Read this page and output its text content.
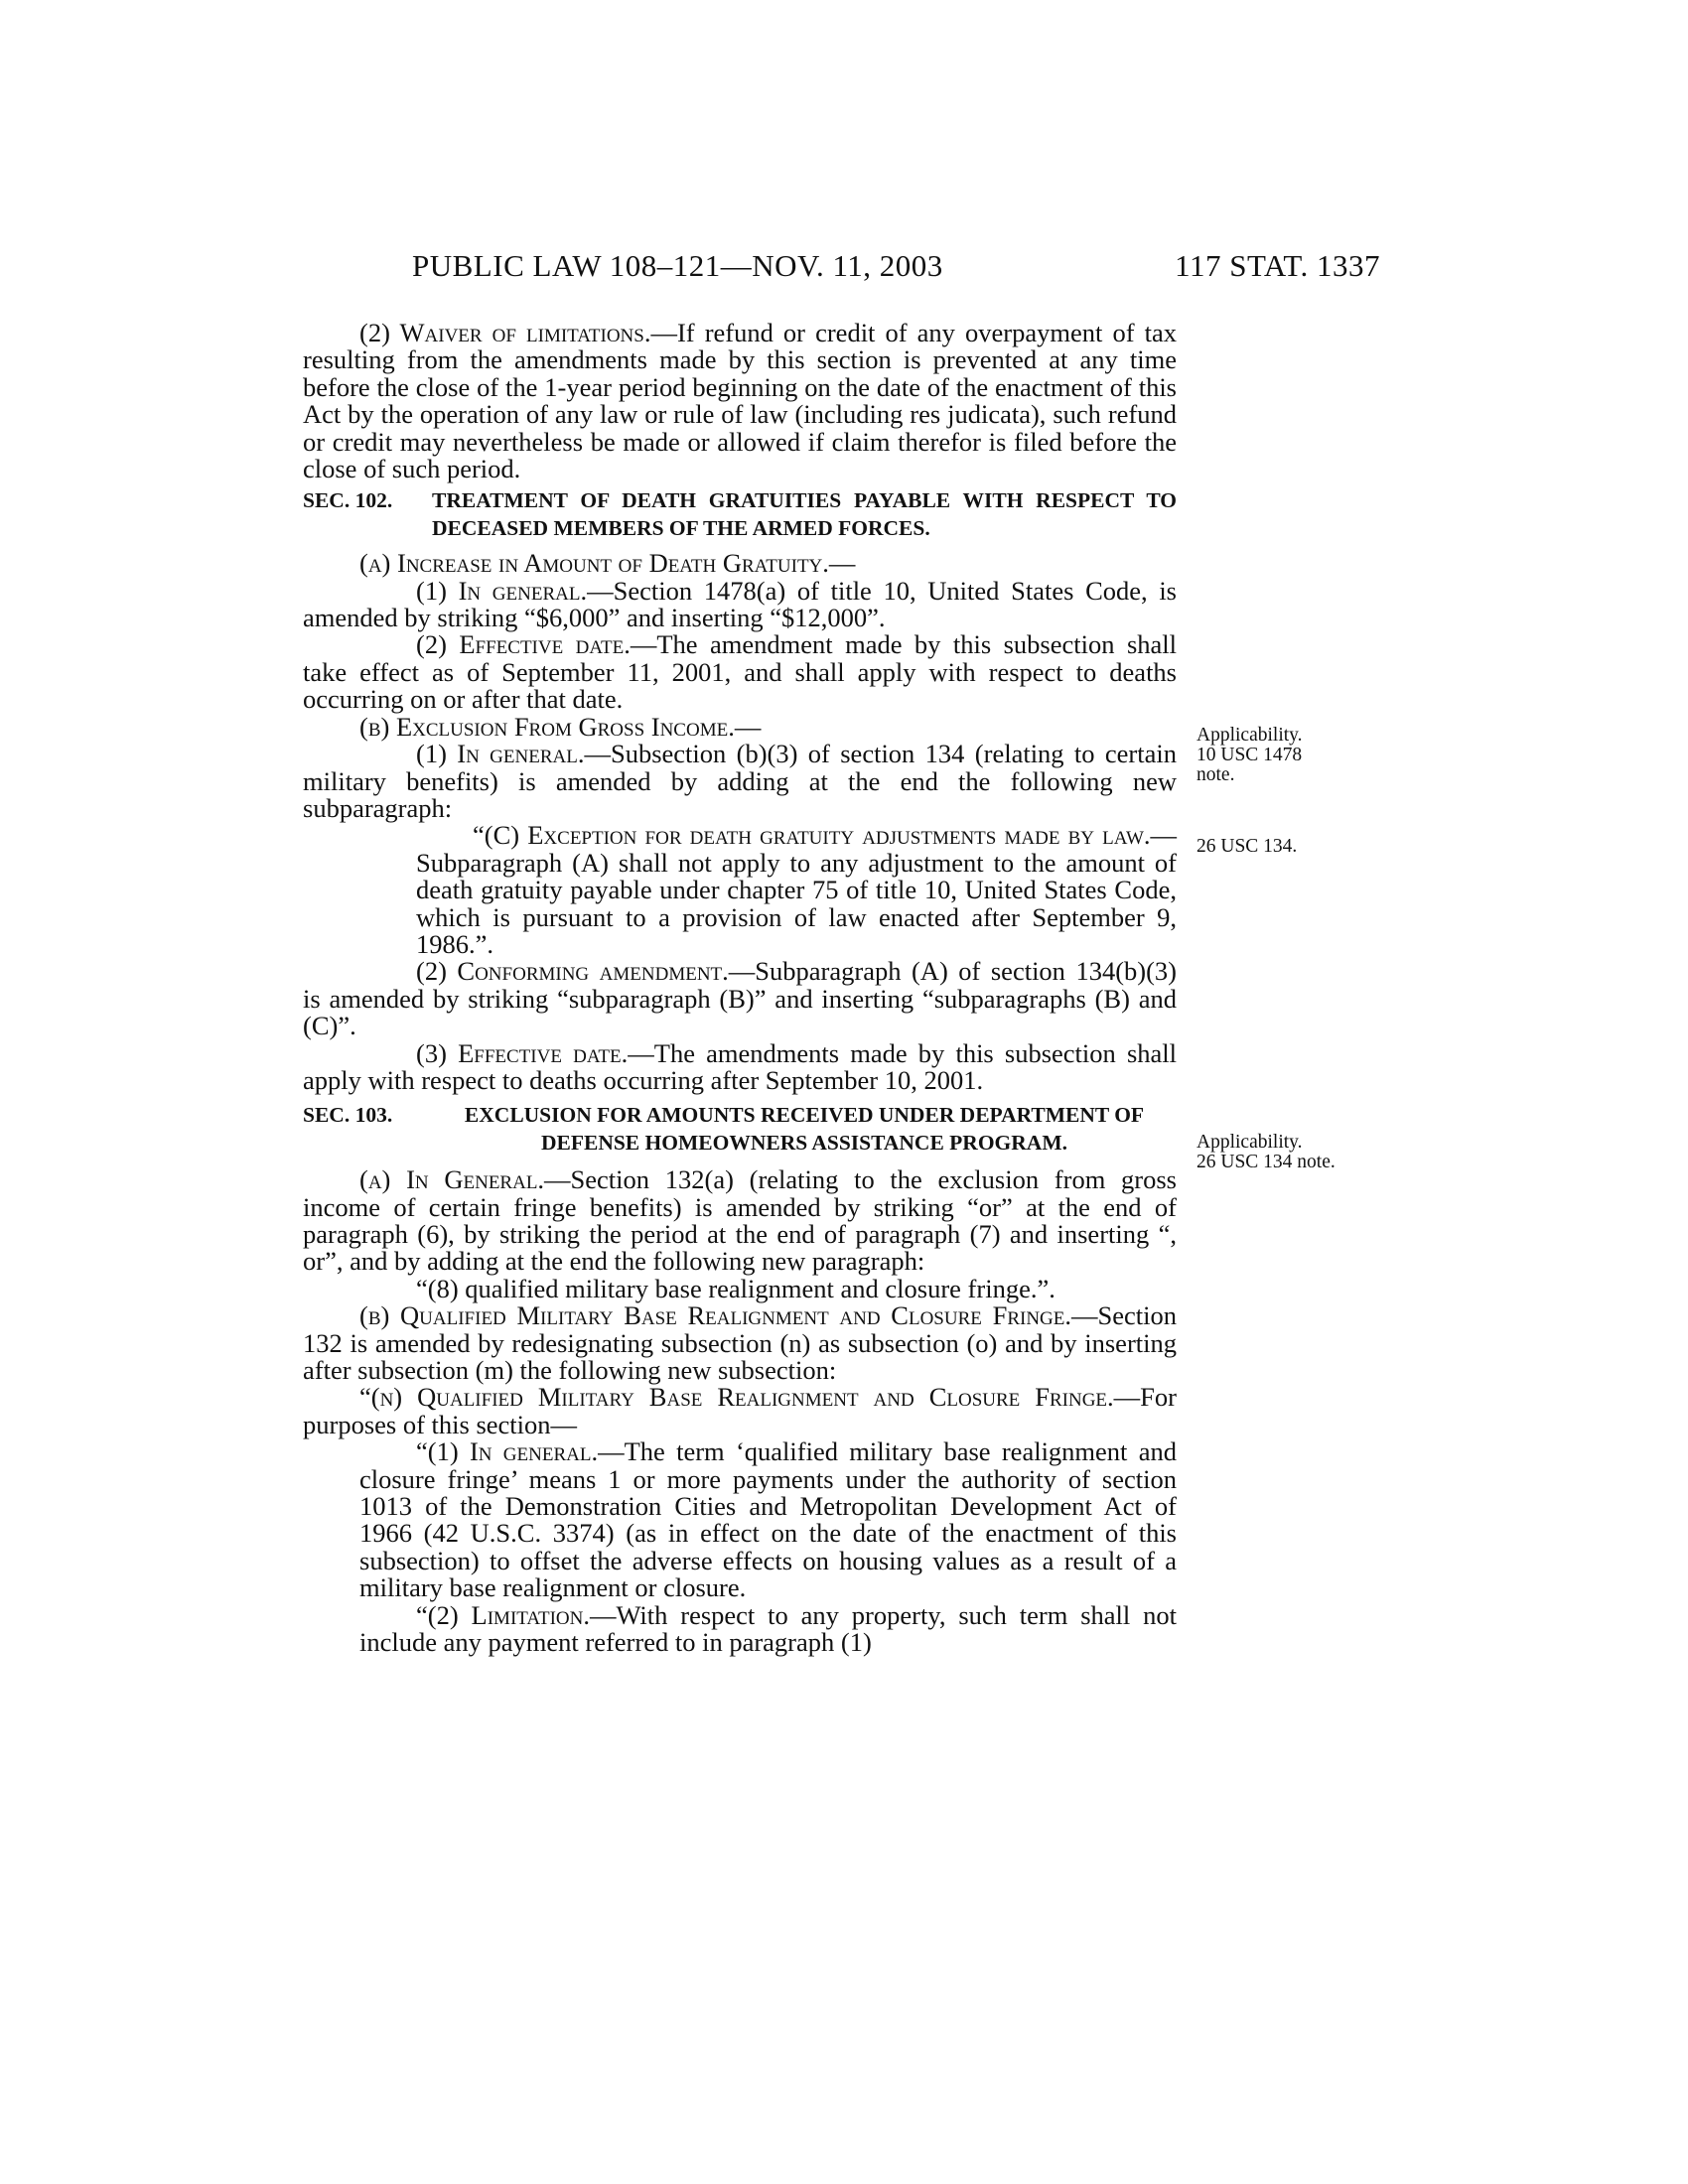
PUBLIC LAW 108–121—NOV. 11, 2003	117 STAT. 1337

(2) Waiver of limitations.—If refund or credit of any overpayment of tax resulting from the amendments made by this section is prevented at any time before the close of the 1-year period beginning on the date of the enactment of this Act by the operation of any law or rule of law (including res judicata), such refund or credit may nevertheless be made or allowed if claim therefor is filed before the close of such period.

SEC. 102.	TREATMENT OF DEATH GRATUITIES PAYABLE WITH RESPECT TO DECEASED MEMBERS OF THE ARMED FORCES.

(a) Increase in Amount of Death Gratuity.—

(1) In general.—Section 1478(a) of title 10, United States Code, is amended by striking “$6,000” and inserting “$12,000”.

(2) Effective date.—The amendment made by this subsection shall take effect as of September 11, 2001, and shall apply with respect to deaths occurring on or after that date.

(b) Exclusion From Gross Income.—

(1) In general.—Subsection (b)(3) of section 134 (relating to certain military benefits) is amended by adding at the end the following new subparagraph:

“(C) Exception for death gratuity adjustments made by law.—Subparagraph (A) shall not apply to any adjustment to the amount of death gratuity payable under chapter 75 of title 10, United States Code, which is pursuant to a provision of law enacted after September 9, 1986.”.

(2) Conforming amendment.—Subparagraph (A) of section 134(b)(3) is amended by striking “subparagraph (B)” and inserting “subparagraphs (B) and (C)”.

(3) Effective date.—The amendments made by this subsection shall apply with respect to deaths occurring after September 10, 2001.

SEC. 103.	EXCLUSION FOR AMOUNTS RECEIVED UNDER DEPARTMENT OF DEFENSE HOMEOWNERS ASSISTANCE PROGRAM.

(a) In General.—Section 132(a) (relating to the exclusion from gross income of certain fringe benefits) is amended by striking “or” at the end of paragraph (6), by striking the period at the end of paragraph (7) and inserting “, or”, and by adding at the end the following new paragraph:

“(8) qualified military base realignment and closure fringe.”.

(b) Qualified Military Base Realignment and Closure Fringe.—Section 132 is amended by redesignating subsection (n) as subsection (o) and by inserting after subsection (m) the following new subsection:

“(n) Qualified Military Base Realignment and Closure Fringe.—For purposes of this section—

“(1) In general.—The term ‘qualified military base realignment and closure fringe’ means 1 or more payments under the authority of section 1013 of the Demonstration Cities and Metropolitan Development Act of 1966 (42 U.S.C. 3374) (as in effect on the date of the enactment of this subsection) to offset the adverse effects on housing values as a result of a military base realignment or closure.

“(2) Limitation.—With respect to any property, such term shall not include any payment referred to in paragraph (1)

Applicability.
10 USC 1478
note.
26 USC 134.
Applicability.
26 USC 134 note.
